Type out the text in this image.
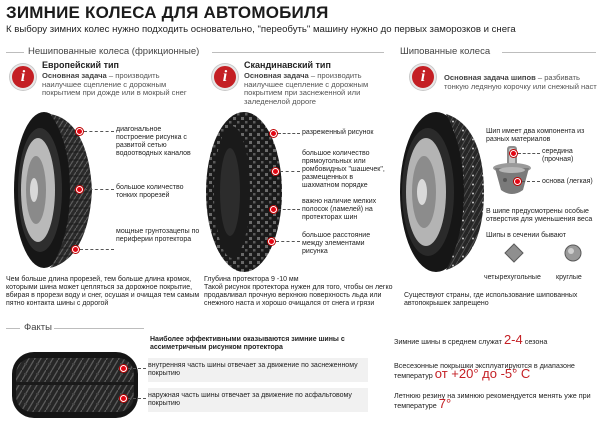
ЗИМНИЕ КОЛЕСА ДЛЯ АВТОМОБИЛЯ
К выбору зимних колес нужно подходить основательно, "переобуть" машину нужно до первых заморозков и снега
Нешипованные колеса (фрикционные)	Шипованные колеса
i	i	i
Европейский тип
Основная задача – производить наилучшее сцепление с дорожным покрытием при дожде или в мокрый снег
Скандинавский тип
Основная задача – производить наилучшее сцепление с дорожным покрытием при заснеженной или заледенелой дороге
Основная задача шипов – разбивать тонкую ледяную корочку или снежный наст
диагональное построение рисунка с развитой сетью водоотводных каналов
большое количество тонких прорезей
мощные грунтозацепы по периферии протектора
разреженный рисунок
большое количество прямоугольных или ромбовидных "шашечек", размещенных в шахматном порядке
важно наличие мелких полосок (ламелей) на протекторах шин
большое расстояние между элементами рисунка
Шип имеет два компонента из разных материалов
середина (прочная)
основа (легкая)
В шипе предусмотрены особые отверстия для уменьшения веса
Шипы в сечении бывают
четырехугольные	круглые
Чем больше длина прорезей, тем больше длина кромок, которыми шина может цепляться за дорожное покрытие, вбирая в прорези воду и снег, осушая и очищая тем самым пятно контакта шины с дорогой
Глубина протектора 9 -10 мм
Такой рисунок протектора нужен для того, чтобы он легко продавливал прочную верхнюю поверхность льда или снежного наста и хорошо очищался от снега и грязи
Существуют страны, где использование шипованных автопокрышек запрещено
Факты
Наиболее эффективными оказываются зимние шины с ассиметричным рисунком протектора
внутренняя часть шины отвечает за движение по заснеженному покрытию
наружная часть шины отвечает за движение по асфальтовому покрытию
Зимние шины в среднем служат 2-4 сезона
Всесезонные покрышки эксплуатируются в диапазоне температур от +20° до -5° С
Летнюю резину на зимнюю рекомендуется менять уже при температуре 7°
